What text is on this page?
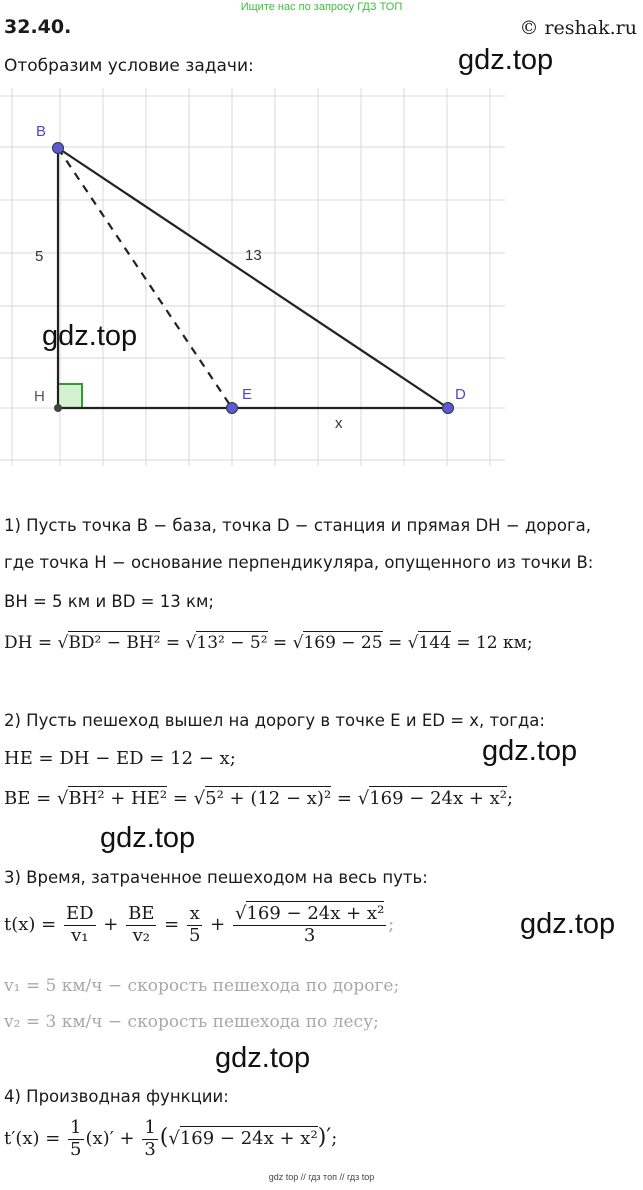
Ищите нас по запросу ГДЗ ТОП
32.40.	© reshak.ru
Отобразим условие задачи:	gdz.top
B
H	E	D
5	13
x
gdz.top
1) Пусть точка B − база, точка D − станция и прямая DH − дорога,
где точка H − основание перпендикуляра, опущенного из точки B:
BH = 5 км и BD = 13 км;
DH = √BD² − BH² = √13² − 5² = √169 − 25 = √144 = 12 км;
2) Пусть пешеход вышел на дорогу в точке E и ED = x, тогда:
gdz.top
HE = DH − ED = 12 − x;
BE = √BH² + HE² = √5² + (12 − x)² = √169 − 24x + x²;
gdz.top
3) Время, затраченное пешеходом на весь путь:
$t(x) = \frac{ED}{\text{v₁}} + \frac{BE}{\text{v₂}} = \frac{x}{5} + \frac{\text{√169 − 24x + x²}}{3}$ ;	gdz.top
v₁ = 5 км/ч − скорость пешехода по дороге;
v₂ = 3 км/ч − скорость пешехода по лесу;
gdz.top
4) Производная функции:
$t'(x) = \frac{1}{5} (x)' + \frac{1}{3} (√169 - 24x + x^2)'$;
gdz top // гдз топ // гдз top
